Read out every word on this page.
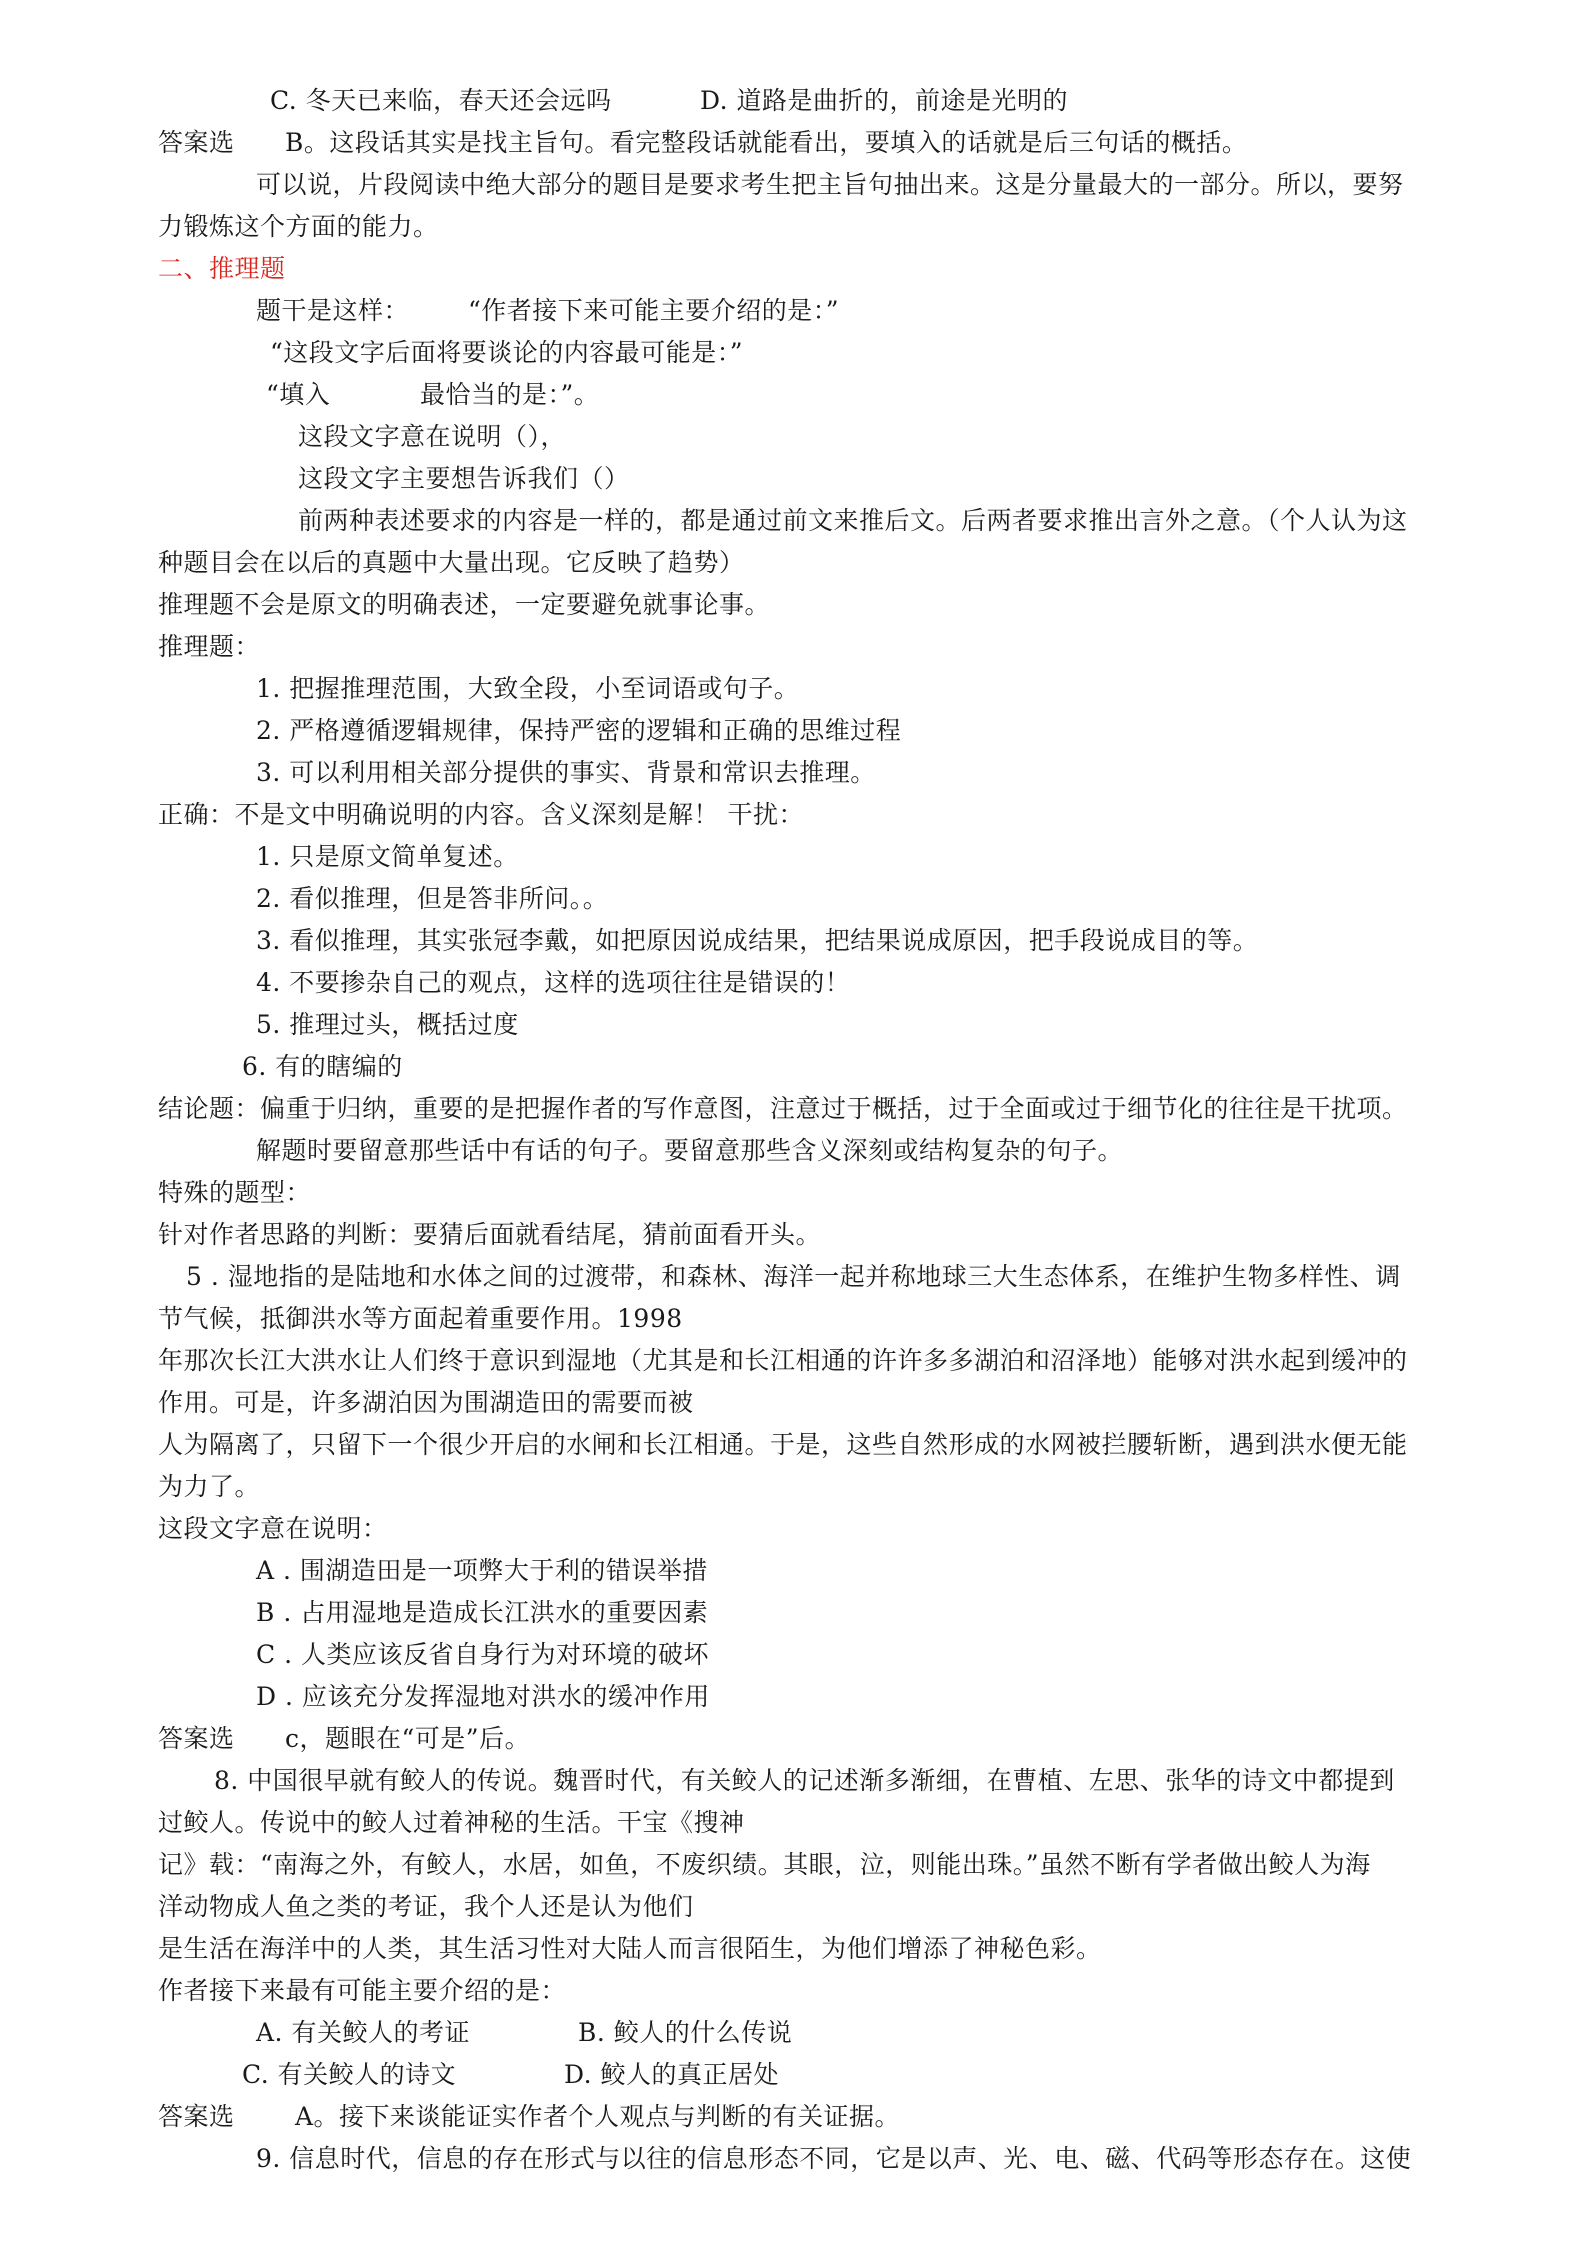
C. 冬天已来临，春天还会远吗	D. 道路是曲折的，前途是光明的
答案选 B。这段话其实是找主旨句。看完整段话就能看出，要填入的话就是后三句话的概括。
可以说，片段阅读中绝大部分的题目是要求考生把主旨句抽出来。这是分量最大的一部分。所以，要努
力锻炼这个方面的能力。
二、推理题
题干是这样： “作者接下来可能主要介绍的是：”
“这段文字后面将要谈论的内容最可能是：”
“填入	最恰当的是：”。
这段文字意在说明（），
这段文字主要想告诉我们（）
前两种表述要求的内容是一样的，都是通过前文来推后文。后两者要求推出言外之意。（个人认为这
种题目会在以后的真题中大量出现。它反映了趋势）
推理题不会是原文的明确表述，一定要避免就事论事。
推理题：
1. 把握推理范围，大致全段，小至词语或句子。
2. 严格遵循逻辑规律，保持严密的逻辑和正确的思维过程
3. 可以利用相关部分提供的事实、背景和常识去推理。
正确：不是文中明确说明的内容。含义深刻是解！ 干扰：
1. 只是原文简单复述。
2. 看似推理，但是答非所问。。
3. 看似推理，其实张冠李戴，如把原因说成结果，把结果说成原因，把手段说成目的等。
4. 不要掺杂自己的观点，这样的选项往往是错误的！
5. 推理过头，概括过度
6. 有的瞎编的
结论题：偏重于归纳，重要的是把握作者的写作意图，注意过于概括，过于全面或过于细节化的往往是干扰项。
解题时要留意那些话中有话的句子。要留意那些含义深刻或结构复杂的句子。
特殊的题型：
针对作者思路的判断：要猜后面就看结尾，猜前面看开头。
5 . 湿地指的是陆地和水体之间的过渡带，和森林、海洋一起并称地球三大生态体系，在维护生物多样性、调
节气候，抵御洪水等方面起着重要作用。1998
年那次长江大洪水让人们终于意识到湿地（尤其是和长江相通的许许多多湖泊和沼泽地）能够对洪水起到缓冲的
作用。可是，许多湖泊因为围湖造田的需要而被
人为隔离了，只留下一个很少开启的水闸和长江相通。于是，这些自然形成的水网被拦腰斩断，遇到洪水便无能
为力了。
这段文字意在说明：
A . 围湖造田是一项弊大于利的错误举措
B . 占用湿地是造成长江洪水的重要因素
C . 人类应该反省自身行为对环境的破坏
D . 应该充分发挥湿地对洪水的缓冲作用
答案选 c，题眼在“可是”后。
8. 中国很早就有鲛人的传说。魏晋时代，有关鲛人的记述渐多渐细，在曹植、左思、张华的诗文中都提到
过鲛人。传说中的鲛人过着神秘的生活。干宝《搜神
记》载：“南海之外，有鲛人，水居，如鱼，不废织绩。其眼，泣，则能出珠。”虽然不断有学者做出鲛人为海
洋动物成人鱼之类的考证，我个人还是认为他们
是生活在海洋中的人类，其生活习性对大陆人而言很陌生，为他们增添了神秘色彩。
作者接下来最有可能主要介绍的是：
A. 有关鲛人的考证	B. 鲛人的什么传说
C. 有关鲛人的诗文	D. 鲛人的真正居处
答案选 A。接下来谈能证实作者个人观点与判断的有关证据。
9. 信息时代，信息的存在形式与以往的信息形态不同，它是以声、光、电、磁、代码等形态存在。这使
